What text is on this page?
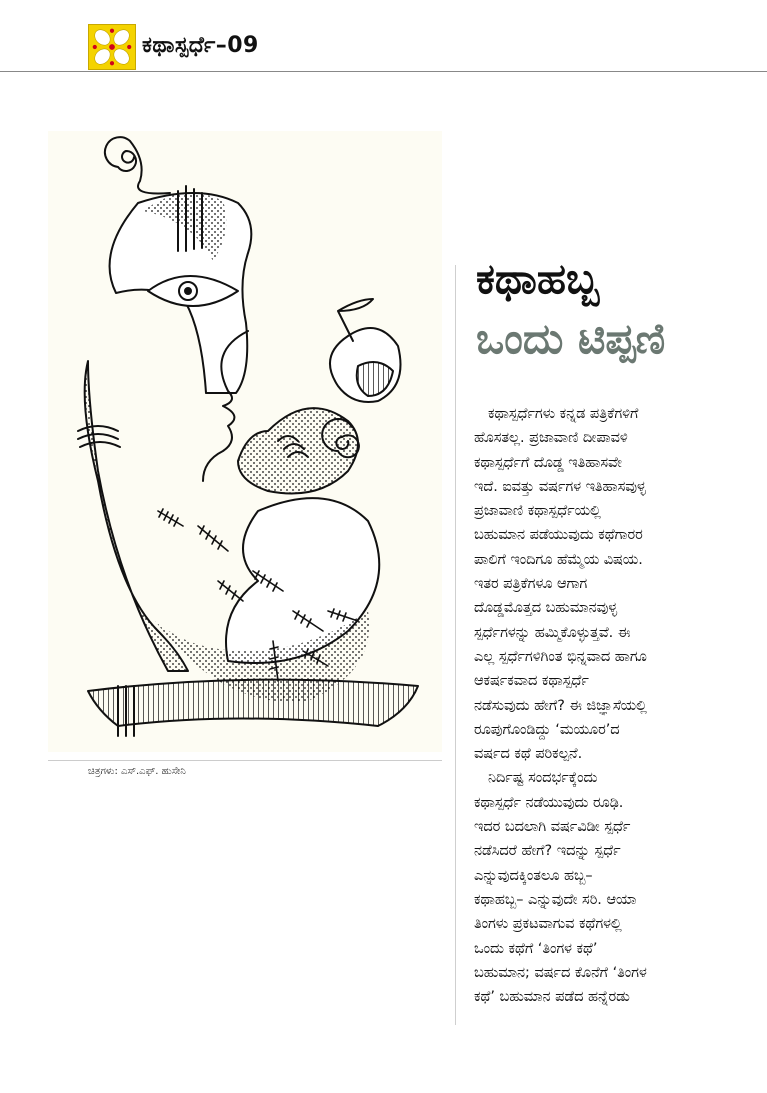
ಕಥಾಸ್ಪರ್ಧೆ–09
ಚಿತ್ರಗಳು: ಎಸ್.ಎಫ್. ಹುಸೇನಿ
ಕಥಾಹಬ್ಬ
ಒಂದು ಟಿಪ್ಪಣಿ
ಕಥಾಸ್ಪರ್ಧೆಗಳು ಕನ್ನಡ ಪತ್ರಿಕೆಗಳಿಗೆ
ಹೊಸತಲ್ಲ. ಪ್ರಜಾವಾಣಿ ದೀಪಾವಳಿ
ಕಥಾಸ್ಪರ್ಧೆಗೆ ದೊಡ್ಡ ಇತಿಹಾಸವೇ
ಇದೆ. ಐವತ್ತು ವರ್ಷಗಳ ಇತಿಹಾಸವುಳ್ಳ
ಪ್ರಜಾವಾಣಿ ಕಥಾಸ್ಪರ್ಧೆಯಲ್ಲಿ
ಬಹುಮಾನ ಪಡೆಯುವುದು ಕಥೆಗಾರರ
ಪಾಲಿಗೆ ಇಂದಿಗೂ ಹೆಮ್ಮೆಯ ವಿಷಯ.
ಇತರ ಪತ್ರಿಕೆಗಳೂ ಆಗಾಗ
ದೊಡ್ಡಮೊತ್ತದ ಬಹುಮಾನವುಳ್ಳ
ಸ್ಪರ್ಧೆಗಳನ್ನು ಹಮ್ಮಿಕೊಳ್ಳುತ್ತವೆ. ಈ
ಎಲ್ಲ ಸ್ಪರ್ಧೆಗಳಿಗಿಂತ ಭಿನ್ನವಾದ ಹಾಗೂ
ಆಕರ್ಷಕವಾದ ಕಥಾಸ್ಪರ್ಧೆ
ನಡೆಸುವುದು ಹೇಗೆ? ಈ ಜಿಜ್ಞಾಸೆಯಲ್ಲಿ
ರೂಪುಗೊಂಡಿದ್ದು ‘ಮಯೂರ’ದ
ವರ್ಷದ ಕಥೆ ಪರಿಕಲ್ಪನೆ.
ನಿರ್ದಿಷ್ಟ ಸಂದರ್ಭಕ್ಕೆಂದು
ಕಥಾಸ್ಪರ್ಧೆ ನಡೆಯುವುದು ರೂಢಿ.
ಇದರ ಬದಲಾಗಿ ವರ್ಷವಿಡೀ ಸ್ಪರ್ಧೆ
ನಡೆಸಿದರೆ ಹೇಗೆ? ಇದನ್ನು ಸ್ಪರ್ಧೆ
ಎನ್ನುವುದಕ್ಕಿಂತಲೂ ಹಬ್ಬ–
ಕಥಾಹಬ್ಬ– ಎನ್ನುವುದೇ ಸರಿ. ಆಯಾ
ತಿಂಗಳು ಪ್ರಕಟವಾಗುವ ಕಥೆಗಳಲ್ಲಿ
ಒಂದು ಕಥೆಗೆ ‘ತಿಂಗಳ ಕಥೆ’
ಬಹುಮಾನ; ವರ್ಷದ ಕೊನೆಗೆ ‘ತಿಂಗಳ
ಕಥೆ’ ಬಹುಮಾನ ಪಡೆದ ಹನ್ನೆರಡು
